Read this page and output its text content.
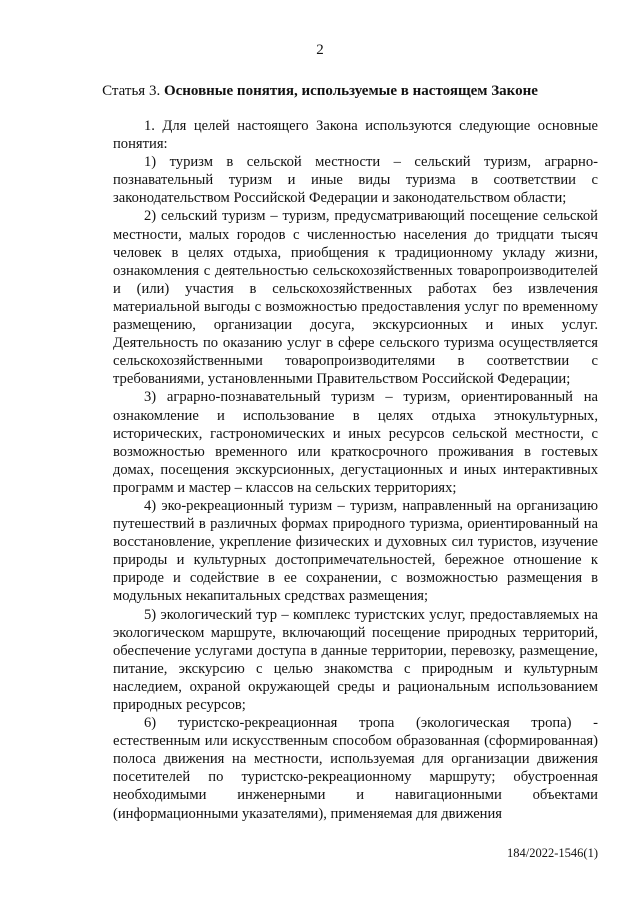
2
Статья 3. Основные понятия, используемые в настоящем Законе

1. Для целей настоящего Закона используются следующие основные понятия:

1) туризм в сельской местности – сельский туризм, аграрно-познавательный туризм и иные виды туризма в соответствии с законодательством Российской Федерации и законодательством области;

2) сельский туризм – туризм, предусматривающий посещение сельской местности, малых городов с численностью населения до тридцати тысяч человек в целях отдыха, приобщения к традиционному укладу жизни, ознакомления с деятельностью сельскохозяйственных товаропроизводителей и (или) участия в сельскохозяйственных работах без извлечения материальной выгоды с возможностью предоставления услуг по временному размещению, организации досуга, экскурсионных и иных услуг. Деятельность по оказанию услуг в сфере сельского туризма осуществляется сельскохозяйственными товаропроизводителями в соответствии с требованиями, установленными Правительством Российской Федерации;

3) аграрно-познавательный туризм – туризм, ориентированный на ознакомление и использование в целях отдыха этнокультурных, исторических, гастрономических и иных ресурсов сельской местности, с возможностью временного или краткосрочного проживания в гостевых домах, посещения экскурсионных, дегустационных и иных интерактивных программ и мастер – классов на сельских территориях;

4) эко-рекреационный туризм – туризм, направленный на организацию путешествий в различных формах природного туризма, ориентированный на восстановление, укрепление физических и духовных сил туристов, изучение природы и культурных достопримечательностей, бережное отношение к природе и содействие в ее сохранении, с возможностью размещения в модульных некапитальных средствах размещения;

5) экологический тур – комплекс туристских услуг, предоставляемых на экологическом маршруте, включающий посещение природных территорий, обеспечение услугами доступа в данные территории, перевозку, размещение, питание, экскурсию с целью знакомства с природным и культурным наследием, охраной окружающей среды и рациональным использованием природных ресурсов;

6) туристско-рекреационная тропа (экологическая тропа) - естественным или искусственным способом образованная (сформированная) полоса движения на местности, используемая для организации движения посетителей по туристско-рекреационному маршруту; обустроенная необходимыми инженерными и навигационными объектами (информационными указателями), применяемая для движения

184/2022-1546(1)
